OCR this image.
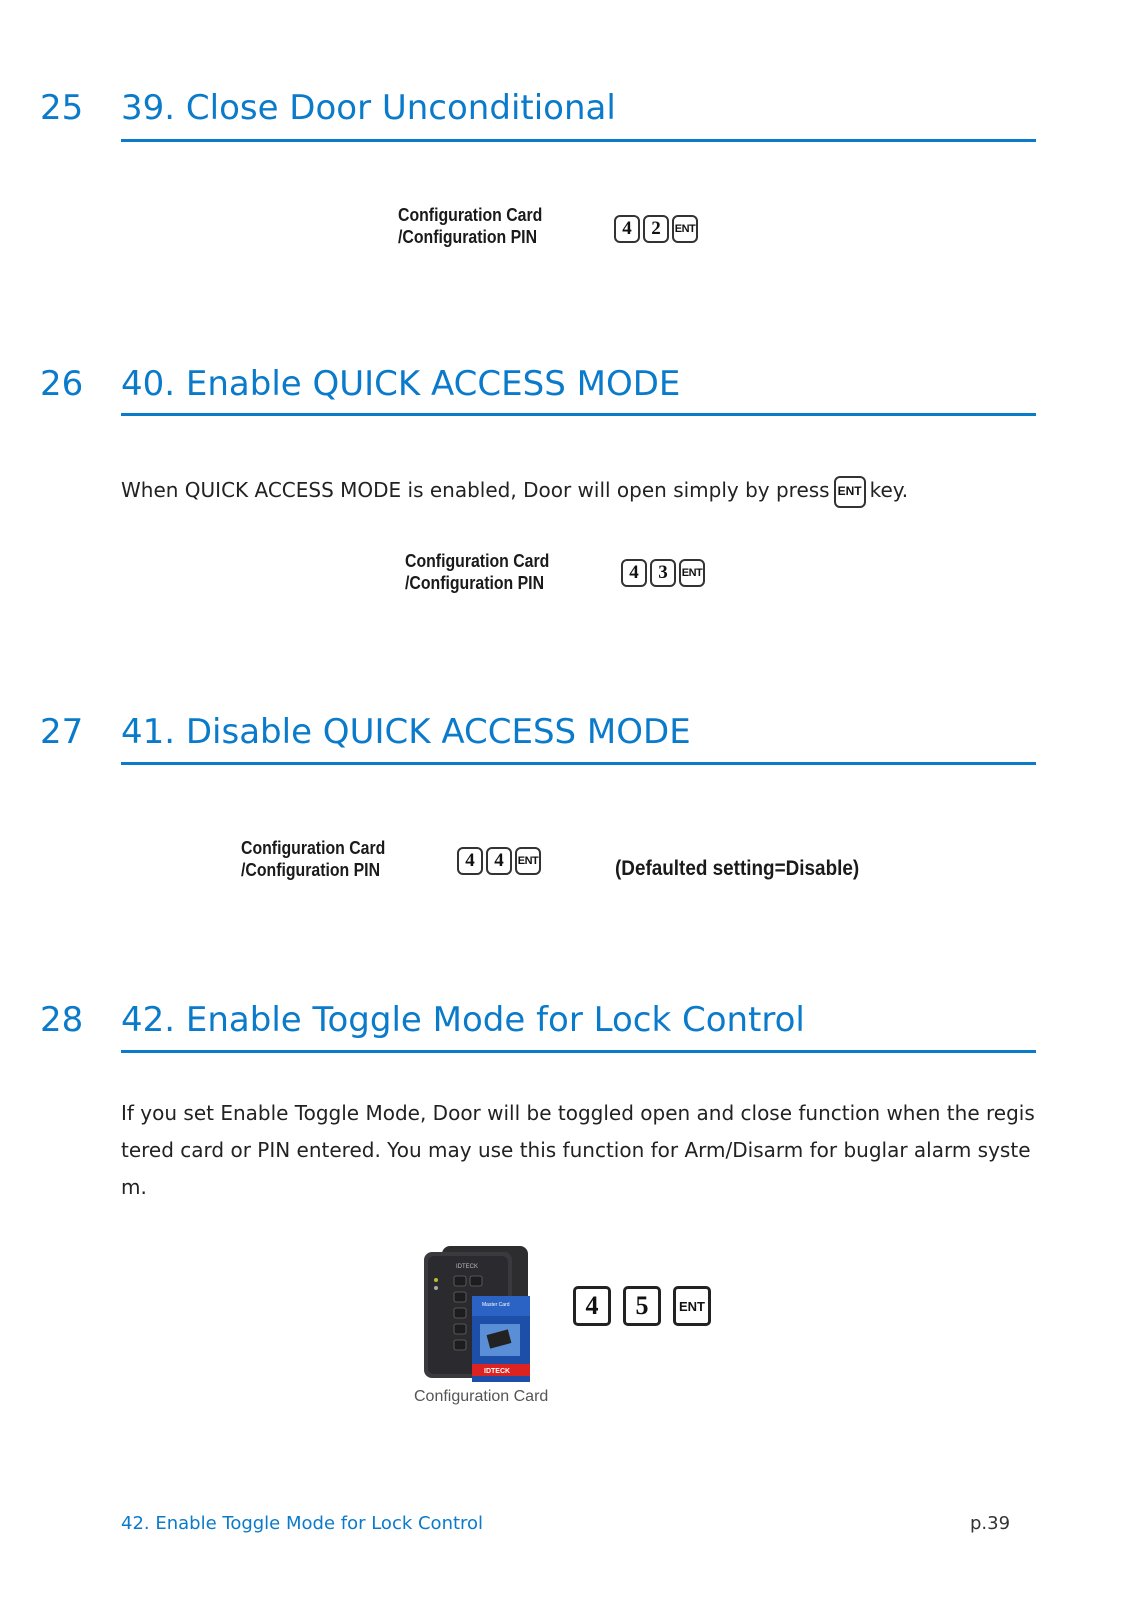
25 39. Close Door Unconditional
Configuration Card
/Configuration PIN	4	2	ENT
26 40. Enable QUICK ACCESS MODE
When QUICK ACCESS MODE is enabled, Door will open simply by press ENT key.
Configuration Card
/Configuration PIN	4	3	ENT
27 41. Disable QUICK ACCESS MODE
Configuration Card
/Configuration PIN	4	4	ENT	(Defaulted setting=Disable)
28 42. Enable Toggle Mode for Lock Control
If you set Enable Toggle Mode, Door will be toggled open and close function when the regis
tered card or PIN entered. You may use this function for Arm/Disarm for buglar alarm syste
m.
IDTECK
Master Card
IDTECK
Configuration Card
4	5	ENT
42. Enable Toggle Mode for Lock Control	p.39
